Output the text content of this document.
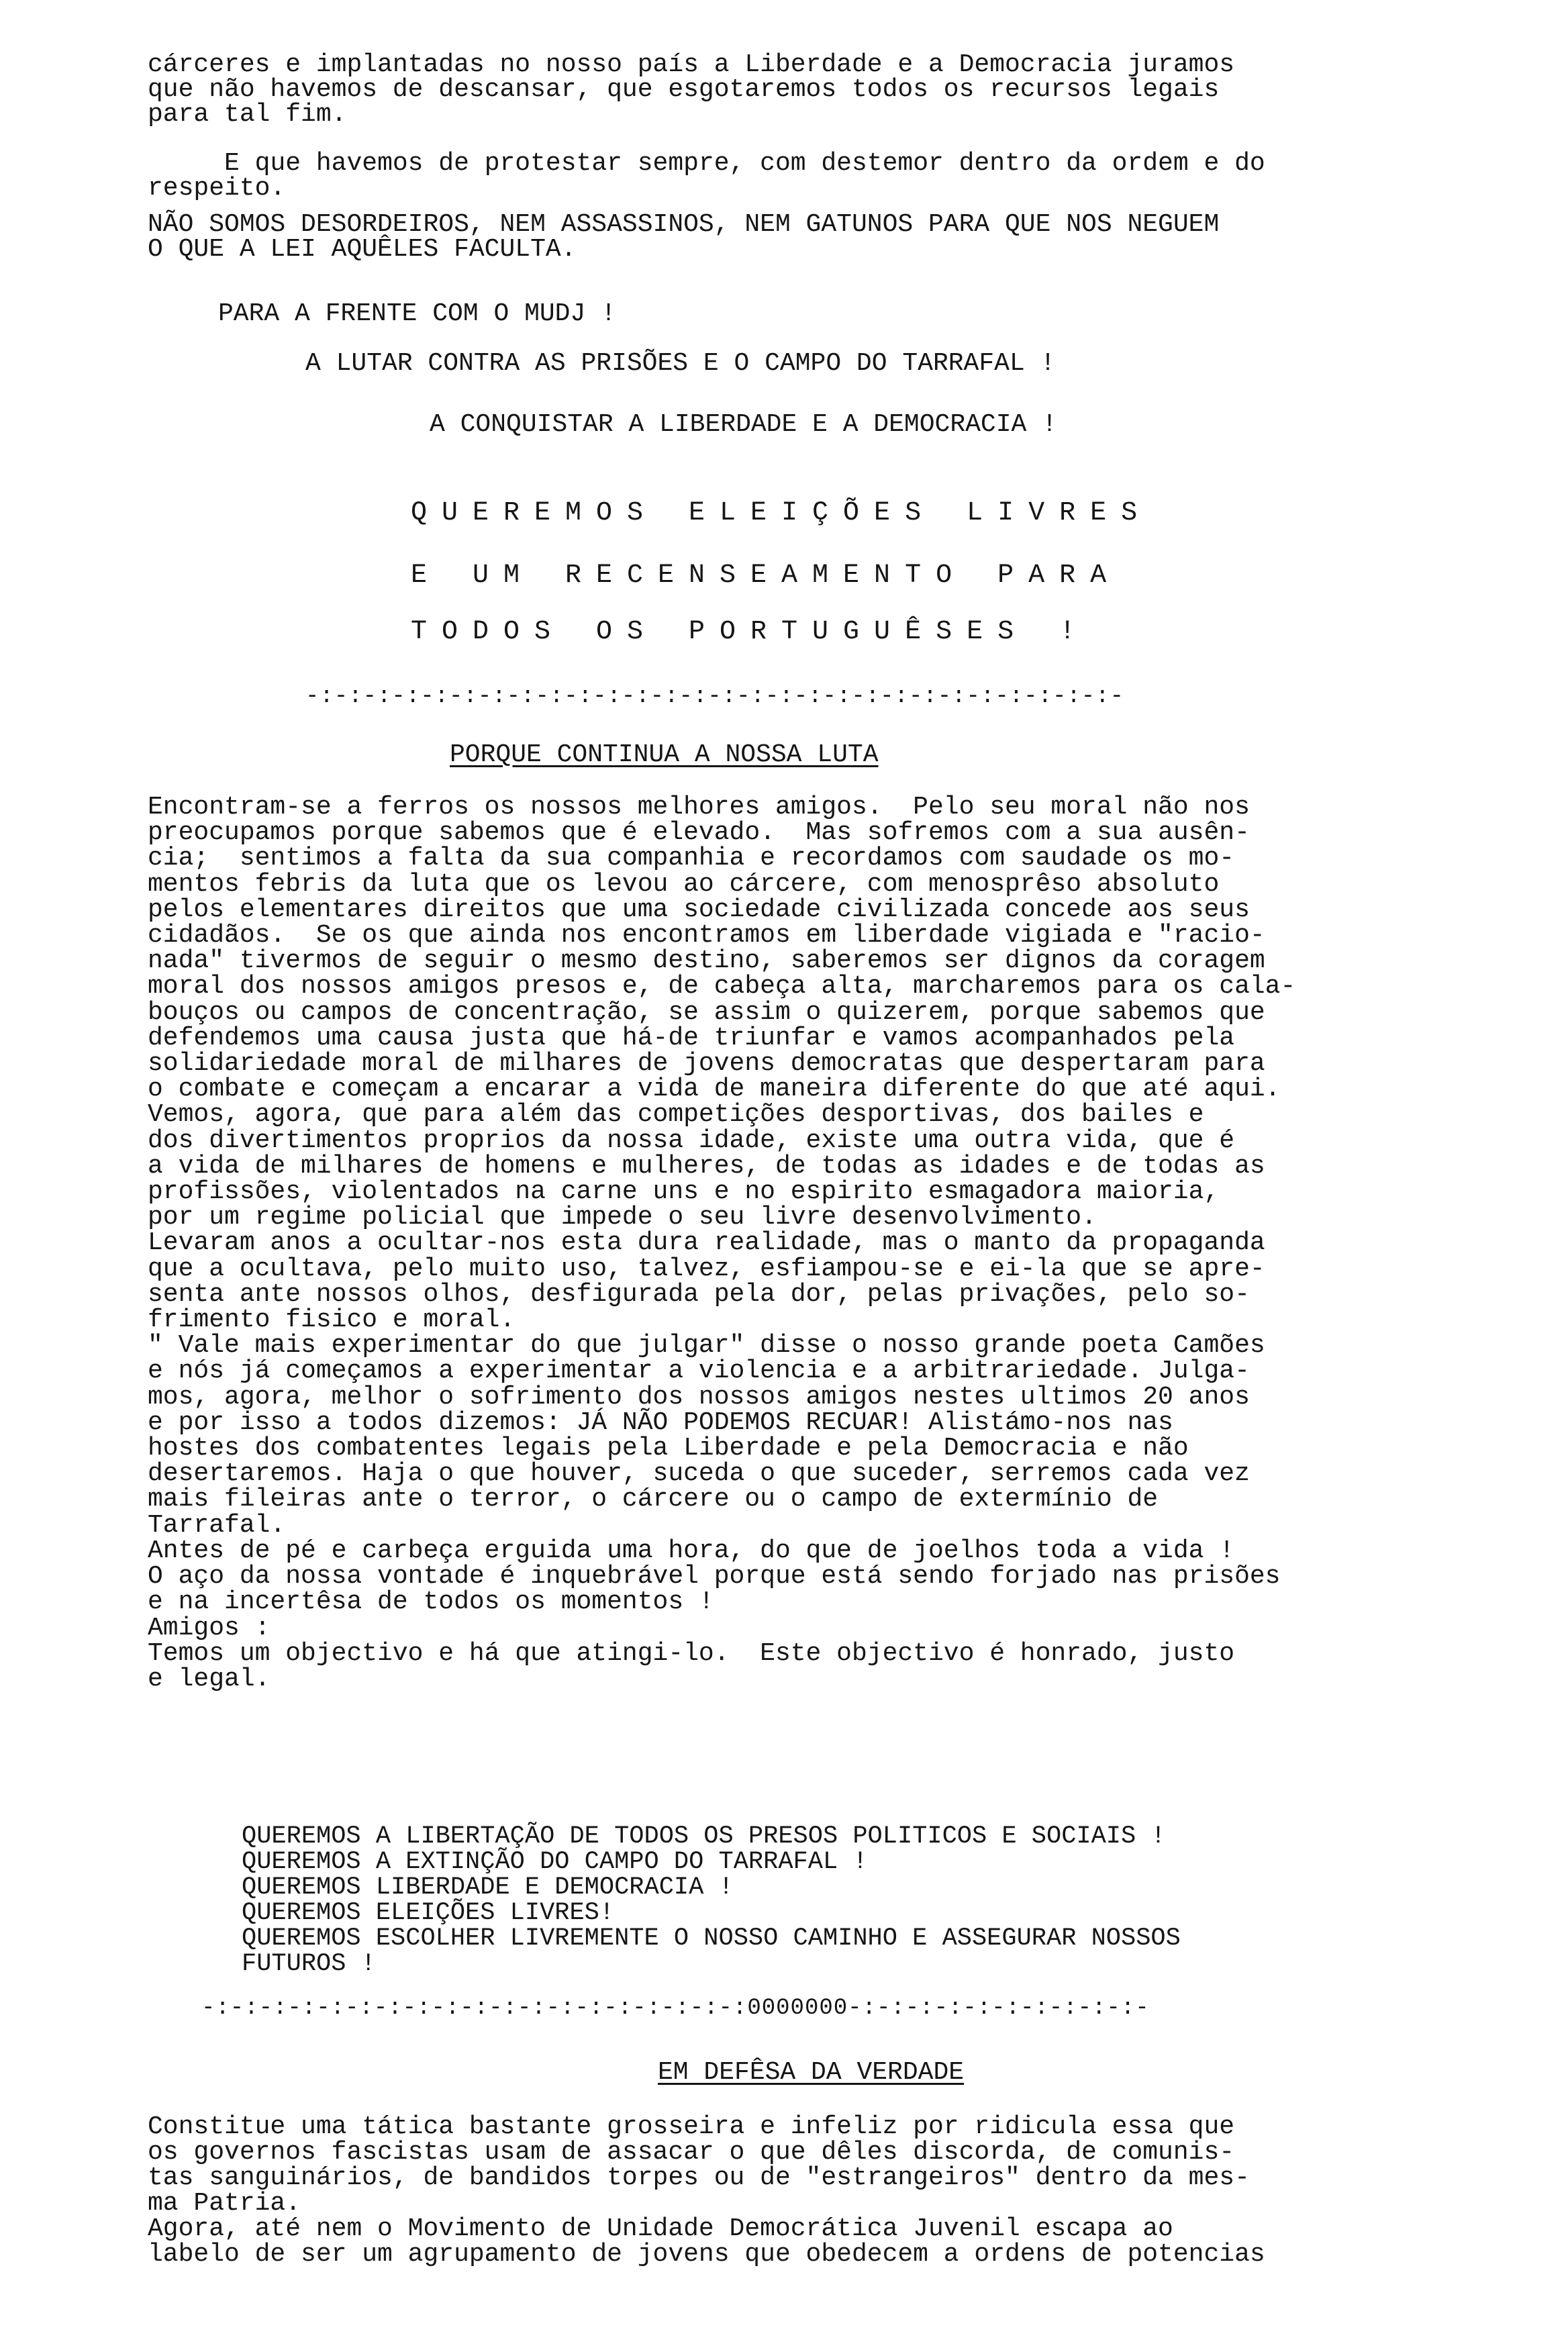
cárceres e implantadas no nosso país a Liberdade e a Democracia juramos
que não havemos de descansar, que esgotaremos todos os recursos legais
para tal fim.

E que havemos de protestar sempre, com destemor dentro da ordem e do
respeito.

NÃO SOMOS DESORDEIROS, NEM ASSASSINOS, NEM GATUNOS PARA QUE NOS NEGUEM
O QUE A LEI AQUÊLES FACULTA.

PARA A FRENTE COM O MUDJ !

A LUTAR CONTRA AS PRISÕES E O CAMPO DO TARRAFAL !

A CONQUISTAR A LIBERDADE E A DEMOCRACIA !

QUEREMOS ELEIÇÕES LIVRES

E UM RECENSEAMENTO PARA

TODOS OS PORTUGUÊSES !

-:-:-:-:-:-:-:-:-:-:-:-:-:-:-:-:-:-:-:-:-:-:-:-:-:-:-:-:-

PORQUE CONTINUA A NOSSA LUTA

Encontram-se a ferros os nossos melhores amigos.  Pelo seu moral não nos
preocupamos porque sabemos que é elevado.  Mas sofremos com a sua ausên-
cia;  sentimos a falta da sua companhia e recordamos com saudade os mo-
mentos febris da luta que os levou ao cárcere, com menosprêso absoluto
pelos elementares direitos que uma sociedade civilizada concede aos seus
cidadãos.  Se os que ainda nos encontramos em liberdade vigiada e "racio-
nada" tivermos de seguir o mesmo destino, saberemos ser dignos da coragem
moral dos nossos amigos presos e, de cabeça alta, marcharemos para os cala-
bouços ou campos de concentração, se assim o quizerem, porque sabemos que
defendemos uma causa justa que há-de triunfar e vamos acompanhados pela
solidariedade moral de milhares de jovens democratas que despertaram para
o combate e começam a encarar a vida de maneira diferente do que até aqui.
Vemos, agora, que para além das competições desportivas, dos bailes e
dos divertimentos proprios da nossa idade, existe uma outra vida, que é
a vida de milhares de homens e mulheres, de todas as idades e de todas as
profissões, violentados na carne uns e no espirito esmagadora maioria,
por um regime policial que impede o seu livre desenvolvimento.
Levaram anos a ocultar-nos esta dura realidade, mas o manto da propaganda
que a ocultava, pelo muito uso, talvez, esfiampou-se e ei-la que se apre-
senta ante nossos olhos, desfigurada pela dor, pelas privações, pelo so-
frimento fisico e moral.
" Vale mais experimentar do que julgar" disse o nosso grande poeta Camões
e nós já começamos a experimentar a violencia e a arbitrariedade. Julga-
mos, agora, melhor o sofrimento dos nossos amigos nestes ultimos 20 anos
e por isso a todos dizemos: JÁ NÃO PODEMOS RECUAR! Alistámo-nos nas
hostes dos combatentes legais pela Liberdade e pela Democracia e não
desertaremos. Haja o que houver, suceda o que suceder, serremos cada vez
mais fileiras ante o terror, o cárcere ou o campo de extermínio de
Tarrafal.
Antes de pé e carbeça erguida uma hora, do que de joelhos toda a vida !
O aço da nossa vontade é inquebrável porque está sendo forjado nas prisões
e na incertêsa de todos os momentos !
Amigos :
Temos um objectivo e há que atingi-lo.  Este objectivo é honrado, justo
e legal.

QUEREMOS A LIBERTAÇÃO DE TODOS OS PRESOS POLITICOS E SOCIAIS !
QUEREMOS A EXTINÇÃO DO CAMPO DO TARRAFAL !
QUEREMOS LIBERDADE E DEMOCRACIA !
QUEREMOS ELEIÇÕES LIVRES!
QUEREMOS ESCOLHER LIVREMENTE O NOSSO CAMINHO E ASSEGURAR NOSSOS
FUTUROS !

-:-:-:-:-:-:-:-:-:-:-:-:-:-:-:-:-:-:-:0000000-:-:-:-:-:-:-:-:-:-:-

EM DEFÊSA DA VERDADE

Constitue uma tática bastante grosseira e infeliz por ridicula essa que
os governos fascistas usam de assacar o que dêles discorda, de comunis-
tas sanguinários, de bandidos torpes ou de "estrangeiros" dentro da mes-
ma Patria.
Agora, até nem o Movimento de Unidade Democrática Juvenil escapa ao
labelo de ser um agrupamento de jovens que obedecem a ordens de potencias
